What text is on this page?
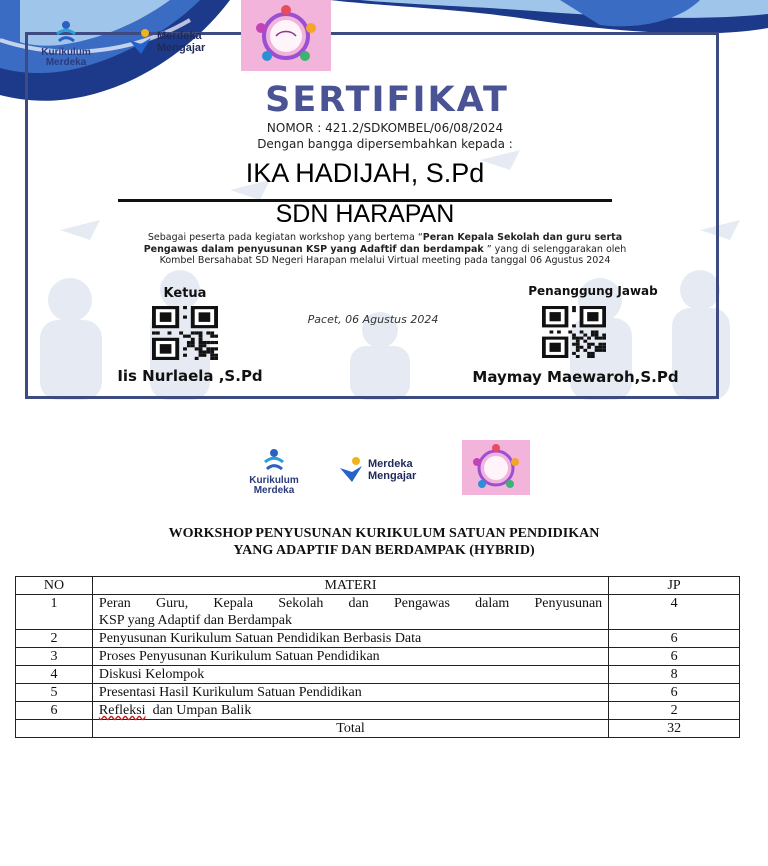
Kurikulum Merdeka
Merdeka
Mengajar
SERTIFIKAT
NOMOR : 421.2/SDKOMBEL/06/08/2024
Dengan bangga dipersembahkan kepada :
IKA HADIJAH, S.Pd
SDN HARAPAN
Sebagai peserta pada kegiatan workshop yang bertema “Peran Kepala Sekolah dan guru serta Pengawas dalam penyusunan KSP yang Adaftif dan berdampak ” yang di selenggarakan oleh Kombel Bersahabat SD Negeri Harapan melalui Virtual meeting pada tanggal 06 Agustus 2024
Ketua	Penanggung Jawab
Pacet, 06 Agustus 2024
Iis Nurlaela ,S.Pd	Maymay Maewaroh,S.Pd
Kurikulum Merdeka
Merdeka
Mengajar
WORKSHOP PENYUSUNAN KURIKULUM SATUAN PENDIDIKAN
YANG ADAPTIF DAN BERDAMPAK (HYBRID)
NO	MATERI	JP
1	Peran Guru, Kepala Sekolah dan Pengawas dalam Penyusunan
KSP yang Adaptif dan Berdampak	4
2	Penyusunan Kurikulum Satuan Pendidikan Berbasis Data	6
3	Proses Penyusunan Kurikulum Satuan Pendidikan	6
4	Diskusi Kelompok	8
5	Presentasi Hasil Kurikulum Satuan Pendidikan	6
6	Refleksi  dan Umpan Balik	2
	Total	32
